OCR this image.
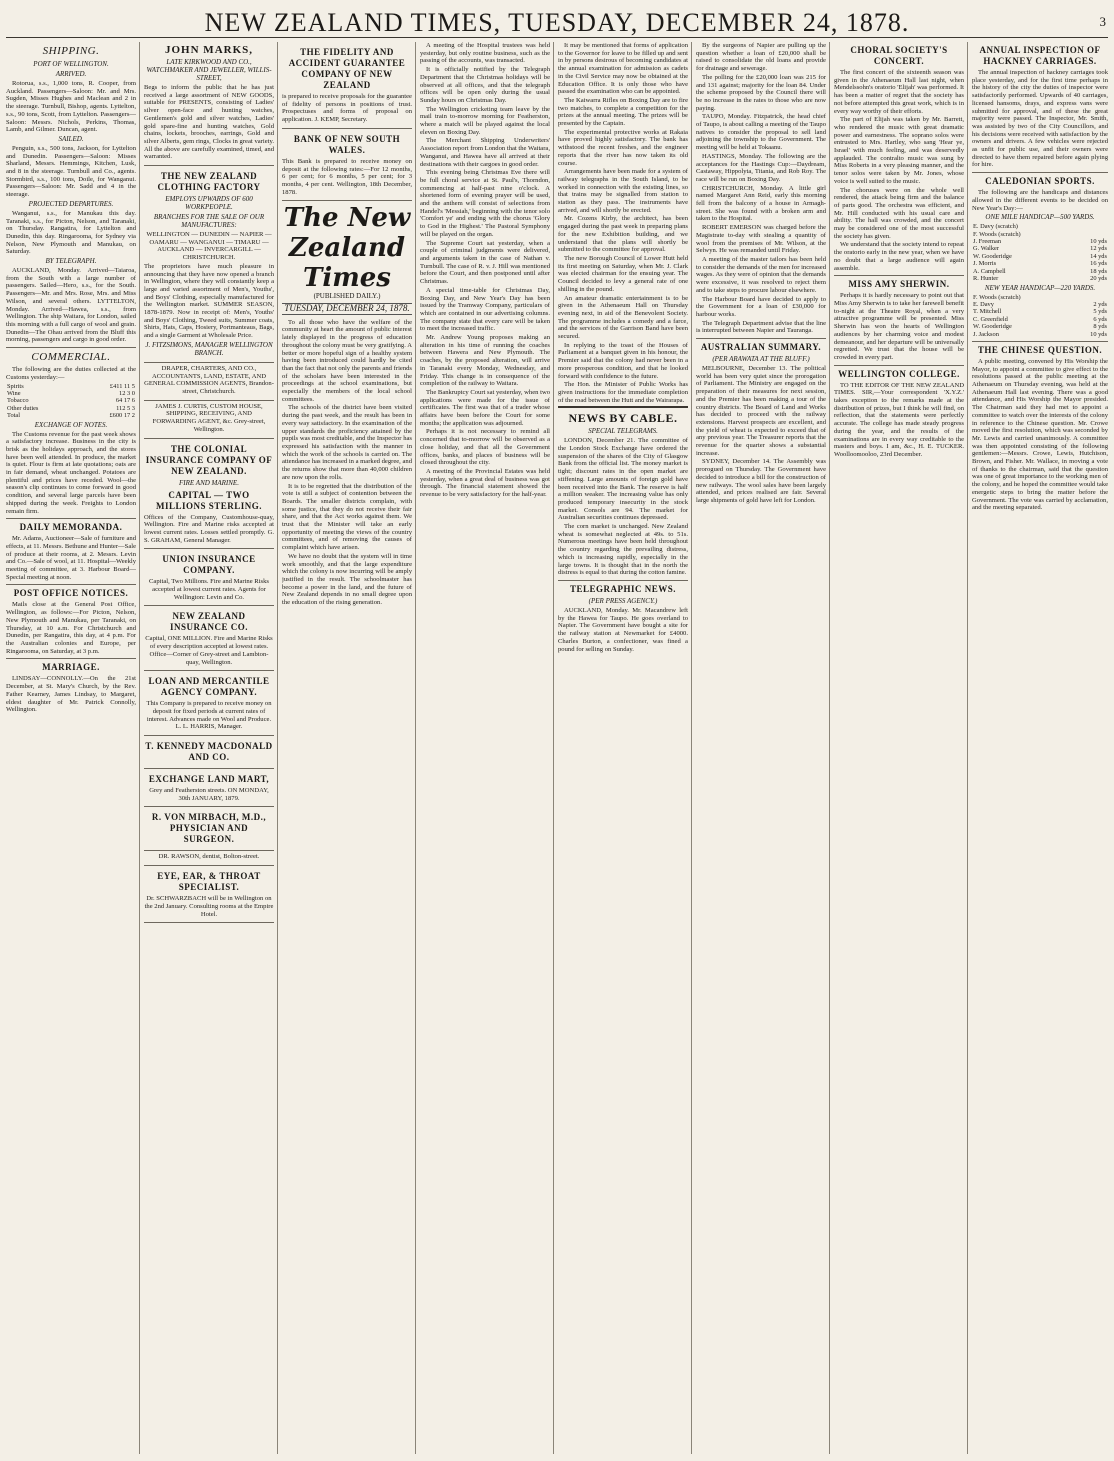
NEW ZEALAND TIMES, TUESDAY, DECEMBER 24, 1878.	3
SHIPPING.
PORT OF WELLINGTON.
ARRIVED.

Rotorua, s.s., 1,000 tons, R. Cooper, from Auckland. Passengers—Saloon: Mr. and Mrs. Sugden, Misses Hughes and Maclean and 2 in the steerage. Turnbull, Bishop, agents. Lyttelton, s.s., 90 tons, Scott, from Lyttelton. Passengers—Saloon: Messrs. Nichols, Perkins, Thomas, Lamb, and Gilmer. Duncan, agent.

SAILED.

Penguin, s.s., 500 tons, Jackson, for Lyttelton and Dunedin. Passengers—Saloon: Misses Sharland, Messrs. Hemmings, Kitchen, Lusk, and 8 in the steerage. Turnbull and Co., agents. Stormbird, s.s., 100 tons, Doile, for Wanganui. Passengers—Saloon: Mr. Sadd and 4 in the steerage.

PROJECTED DEPARTURES.

Wanganui, s.s., for Manukau this day. Taranaki, s.s., for Picton, Nelson, and Taranaki, on Thursday. Rangatira, for Lyttelton and Dunedin, this day. Ringarooma, for Sydney via Nelson, New Plymouth and Manukau, on Saturday.

BY TELEGRAPH.

AUCKLAND, Monday. Arrived—Taiaroa, from the South with a large number of passengers. Sailed—Hero, s.s., for the South. Passengers—Mr. and Mrs. Rose, Mrs. and Miss Wilson, and several others. LYTTELTON, Monday. Arrived—Hawea, s.s., from Wellington. The ship Waitara, for London, sailed this morning with a full cargo of wool and grain. Dunedin—The Ohau arrived from the Bluff this morning, passengers and cargo in good order.

COMMERCIAL.

The following are the duties collected at the Customs yesterday:—

Spirits	£411 11 5
Wine	12 3 0
Tobacco	64 17 6
Other duties	112 5 3
Total	£600 17 2
EXCHANGE OF NOTES.

The Customs revenue for the past week shows a satisfactory increase. Business in the city is brisk as the holidays approach, and the stores have been well attended. In produce, the market is quiet. Flour is firm at late quotations; oats are in fair demand, wheat unchanged. Potatoes are plentiful and prices have receded. Wool—the season's clip continues to come forward in good condition, and several large parcels have been shipped during the week. Freights to London remain firm.

DAILY MEMORANDA.

Mr. Adams, Auctioneer—Sale of furniture and effects, at 11. Messrs. Bethune and Hunter—Sale of produce at their rooms, at 2. Messrs. Levin and Co.—Sale of wool, at 11. Hospital—Weekly meeting of committee, at 3. Harbour Board—Special meeting at noon.

POST OFFICE NOTICES.

Mails close at the General Post Office, Wellington, as follows:—For Picton, Nelson, New Plymouth and Manukau, per Taranaki, on Thursday, at 10 a.m. For Christchurch and Dunedin, per Rangatira, this day, at 4 p.m. For the Australian colonies and Europe, per Ringarooma, on Saturday, at 3 p.m.

MARRIAGE.

LINDSAY—CONNOLLY.—On the 21st December, at St. Mary's Church, by the Rev. Father Kearney, James Lindsay, to Margaret, eldest daughter of Mr. Patrick Connolly, Wellington.

JOHN MARKS,
LATE KIRKWOOD AND CO., WATCHMAKER AND JEWELLER, WILLIS-STREET,

Begs to inform the public that he has just received a large assortment of NEW GOODS, suitable for PRESENTS, consisting of Ladies' silver open-face and hunting watches, Gentlemen's gold and silver watches, Ladies' gold spare-fine and hunting watches, Gold chains, lockets, brooches, earrings, Gold and silver Alberts, gem rings, Clocks in great variety. All the above are carefully examined, timed, and warranted.

THE NEW ZEALAND CLOTHING FACTORY
EMPLOYS UPWARDS OF 600 WORKPEOPLE.
BRANCHES FOR THE SALE OF OUR MANUFACTURES:

WELLINGTON — DUNEDIN — NAPIER — OAMARU — WANGANUI — TIMARU — AUCKLAND — INVERCARGILL — CHRISTCHURCH.

The proprietors have much pleasure in announcing that they have now opened a branch in Wellington, where they will constantly keep a large and varied assortment of Men's, Youths', and Boys' Clothing, especially manufactured for the Wellington market. SUMMER SEASON, 1878-1879. Now in receipt of: Men's, Youths' and Boys' Clothing, Tweed suits, Summer coats, Shirts, Hats, Caps, Hosiery, Portmanteaus, Bags, and a single Garment at Wholesale Price.

J. FITZSIMONS, MANAGER WELLINGTON BRANCH.

DRAPER, CHARTERS, AND CO., ACCOUNTANTS, LAND, ESTATE, AND GENERAL COMMISSION AGENTS, Brandon-street, Christchurch.

JAMES J. CURTIS, CUSTOM HOUSE, SHIPPING, RECEIVING, AND FORWARDING AGENT, &c. Grey-street, Wellington.

THE COLONIAL INSURANCE COMPANY OF NEW ZEALAND.
FIRE AND MARINE.
CAPITAL — TWO MILLIONS STERLING.

Offices of the Company, Customhouse-quay, Wellington. Fire and Marine risks accepted at lowest current rates. Losses settled promptly. G. S. GRAHAM, General Manager.

UNION INSURANCE COMPANY.

Capital, Two Millions. Fire and Marine Risks accepted at lowest current rates. Agents for Wellington: Levin and Co.

NEW ZEALAND INSURANCE CO.

Capital, ONE MILLION. Fire and Marine Risks of every description accepted at lowest rates. Office—Corner of Grey-street and Lambton-quay, Wellington.

LOAN AND MERCANTILE AGENCY COMPANY.

This Company is prepared to receive money on deposit for fixed periods at current rates of interest. Advances made on Wool and Produce. L. L. HARRIS, Manager.

T. KENNEDY MACDONALD AND CO.
EXCHANGE LAND MART,

Grey and Featherston streets. ON MONDAY, 30th JANUARY, 1879.

R. VON MIRBACH, M.D., PHYSICIAN AND SURGEON.

DR. RAWSON, dentist, Bolton-street.

EYE, EAR, & THROAT SPECIALIST.

Dr. SCHWARZBACH will be in Wellington on the 2nd January. Consulting rooms at the Empire Hotel.

THE FIDELITY AND ACCIDENT GUARANTEE COMPANY OF NEW ZEALAND

is prepared to receive proposals for the guarantee of fidelity of persons in positions of trust. Prospectuses and forms of proposal on application. J. KEMP, Secretary.

BANK OF NEW SOUTH WALES.

This Bank is prepared to receive money on deposit at the following rates:—For 12 months, 6 per cent; for 6 months, 5 per cent; for 3 months, 4 per cent. Wellington, 18th December, 1878.

The New Zealand Times
(PUBLISHED DAILY.)
TUESDAY, DECEMBER 24, 1878.

To all those who have the welfare of the community at heart the amount of public interest lately displayed in the progress of education throughout the colony must be very gratifying. A better or more hopeful sign of a healthy system having been introduced could hardly be cited than the fact that not only the parents and friends of the scholars have been interested in the proceedings at the school examinations, but especially the members of the local school committees.

The schools of the district have been visited during the past week, and the result has been in every way satisfactory. In the examination of the upper standards the proficiency attained by the pupils was most creditable, and the Inspector has expressed his satisfaction with the manner in which the work of the schools is carried on. The attendance has increased in a marked degree, and the returns show that more than 40,000 children are now upon the rolls.

It is to be regretted that the distribution of the vote is still a subject of contention between the Boards. The smaller districts complain, with some justice, that they do not receive their fair share, and that the Act works against them. We trust that the Minister will take an early opportunity of meeting the views of the country committees, and of removing the causes of complaint which have arisen.

We have no doubt that the system will in time work smoothly, and that the large expenditure which the colony is now incurring will be amply justified in the result. The schoolmaster has become a power in the land, and the future of New Zealand depends in no small degree upon the education of the rising generation.

A meeting of the Hospital trustees was held yesterday, but only routine business, such as the passing of the accounts, was transacted.

It is officially notified by the Telegraph Department that the Christmas holidays will be observed at all offices, and that the telegraph offices will be open only during the usual Sunday hours on Christmas Day.

The Wellington cricketing team leave by the mail train to-morrow morning for Featherston, where a match will be played against the local eleven on Boxing Day.

The Merchant Shipping Underwriters' Association report from London that the Waitara, Wanganui, and Hawea have all arrived at their destinations with their cargoes in good order.

This evening being Christmas Eve there will be full choral service at St. Paul's, Thorndon, commencing at half-past nine o'clock. A shortened form of evening prayer will be used, and the anthem will consist of selections from Handel's 'Messiah,' beginning with the tenor solo 'Comfort ye' and ending with the chorus 'Glory to God in the Highest.' The Pastoral Symphony will be played on the organ.

The Supreme Court sat yesterday, when a couple of criminal judgments were delivered, and arguments taken in the case of Nathan v. Turnbull. The case of R. v. J. Hill was mentioned before the Court, and then postponed until after Christmas.

A special time-table for Christmas Day, Boxing Day, and New Year's Day has been issued by the Tramway Company, particulars of which are contained in our advertising columns. The company state that every care will be taken to meet the increased traffic.

Mr. Andrew Young proposes making an alteration in his time of running the coaches between Hawera and New Plymouth. The coaches, by the proposed alteration, will arrive in Taranaki every Monday, Wednesday, and Friday. This change is in consequence of the completion of the railway to Waitara.

The Bankruptcy Court sat yesterday, when two applications were made for the issue of certificates. The first was that of a trader whose affairs have been before the Court for some months; the application was adjourned.

Perhaps it is not necessary to remind all concerned that to-morrow will be observed as a close holiday, and that all the Government offices, banks, and places of business will be closed throughout the city.

A meeting of the Provincial Estates was held yesterday, when a great deal of business was got through. The financial statement showed the revenue to be very satisfactory for the half-year.

It may be mentioned that forms of application to the Governor for leave to be filled up and sent in by persons desirous of becoming candidates at the annual examination for admission as cadets in the Civil Service may now be obtained at the Education Office. It is only those who have passed the examination who can be appointed.

The Kaiwarra Rifles on Boxing Day are to fire two matches, to complete a competition for the prizes at the annual meeting. The prizes will be presented by the Captain.

The experimental protective works at Rakaia have proved highly satisfactory. The bank has withstood the recent freshes, and the engineer reports that the river has now taken its old course.

Arrangements have been made for a system of railway telegraphs in the South Island, to be worked in connection with the existing lines, so that trains may be signalled from station to station as they pass. The instruments have arrived, and will shortly be erected.

Mr. Cozens Kirby, the architect, has been engaged during the past week in preparing plans for the new Exhibition building, and we understand that the plans will shortly be submitted to the committee for approval.

The new Borough Council of Lower Hutt held its first meeting on Saturday, when Mr. J. Clark was elected chairman for the ensuing year. The Council decided to levy a general rate of one shilling in the pound.

An amateur dramatic entertainment is to be given in the Athenaeum Hall on Thursday evening next, in aid of the Benevolent Society. The programme includes a comedy and a farce, and the services of the Garrison Band have been secured.

In replying to the toast of the Houses of Parliament at a banquet given in his honour, the Premier said that the colony had never been in a more prosperous condition, and that he looked forward with confidence to the future.

The Hon. the Minister of Public Works has given instructions for the immediate completion of the road between the Hutt and the Wairarapa.

NEWS BY CABLE.
SPECIAL TELEGRAMS.

LONDON, December 21. The committee of the London Stock Exchange have ordered the suspension of the shares of the City of Glasgow Bank from the official list. The money market is tight; discount rates in the open market are stiffening. Large amounts of foreign gold have been received into the Bank. The reserve is half a million weaker. The increasing value has only produced temporary insecurity in the stock market. Consols are 94. The market for Australian securities continues depressed.

The corn market is unchanged. New Zealand wheat is somewhat neglected at 49s. to 51s. Numerous meetings have been held throughout the country regarding the prevailing distress, which is increasing rapidly, especially in the large towns. It is thought that in the north the distress is equal to that during the cotton famine.

TELEGRAPHIC NEWS.
(PER PRESS AGENCY.)

AUCKLAND, Monday. Mr. Macandrew left by the Hawea for Taupo. He goes overland to Napier. The Government have bought a site for the railway station at Newmarket for £4000. Charles Burton, a confectioner, was fined a pound for selling on Sunday.

By the surgeons of Napier are pulling up the question whether a loan of £20,000 shall be raised to consolidate the old loans and provide for drainage and sewerage.

The polling for the £20,000 loan was 215 for and 131 against; majority for the loan 84. Under the scheme proposed by the Council there will be no increase in the rates to those who are now paying.

TAUPO, Monday. Fitzpatrick, the head chief of Taupo, is about calling a meeting of the Taupo natives to consider the proposal to sell land adjoining the township to the Government. The meeting will be held at Tokaanu.

HASTINGS, Monday. The following are the acceptances for the Hastings Cup:—Daydream, Castaway, Hippolyta, Titania, and Rob Roy. The race will be run on Boxing Day.

CHRISTCHURCH, Monday. A little girl named Margaret Ann Reid, early this morning fell from the balcony of a house in Armagh-street. She was found with a broken arm and taken to the Hospital.

ROBERT EMERSON was charged before the Magistrate to-day with stealing a quantity of wool from the premises of Mr. Wilson, at the Selwyn. He was remanded until Friday.

A meeting of the master tailors has been held to consider the demands of the men for increased wages. As they were of opinion that the demands were excessive, it was resolved to reject them and to take steps to procure labour elsewhere.

The Harbour Board have decided to apply to the Government for a loan of £30,000 for harbour works.

The Telegraph Department advise that the line is interrupted between Napier and Tauranga.

AUSTRALIAN SUMMARY.
(PER ARAWATA AT THE BLUFF.)

MELBOURNE, December 13. The political world has been very quiet since the prorogation of Parliament. The Ministry are engaged on the preparation of their measures for next session, and the Premier has been making a tour of the country districts. The Board of Land and Works has decided to proceed with the railway extensions. Harvest prospects are excellent, and the yield of wheat is expected to exceed that of any previous year. The Treasurer reports that the revenue for the quarter shows a substantial increase.

SYDNEY, December 14. The Assembly was prorogued on Thursday. The Government have decided to introduce a bill for the construction of new railways. The wool sales have been largely attended, and prices realised are fair. Several large shipments of gold have left for London.

CHORAL SOCIETY'S CONCERT.

The first concert of the sixteenth season was given in the Athenaeum Hall last night, when Mendelssohn's oratorio 'Elijah' was performed. It has been a matter of regret that the society has not before attempted this great work, which is in every way worthy of their efforts.

The part of Elijah was taken by Mr. Barrett, who rendered the music with great dramatic power and earnestness. The soprano solos were entrusted to Mrs. Hartley, who sang 'Hear ye, Israel' with much feeling, and was deservedly applauded. The contralto music was sung by Miss Roberts in a very pleasing manner, and the tenor solos were taken by Mr. Jones, whose voice is well suited to the music.

The choruses were on the whole well rendered, the attack being firm and the balance of parts good. The orchestra was efficient, and Mr. Hill conducted with his usual care and ability. The hall was crowded, and the concert may be considered one of the most successful the society has given.

We understand that the society intend to repeat the oratorio early in the new year, when we have no doubt that a large audience will again assemble.

MISS AMY SHERWIN.

Perhaps it is hardly necessary to point out that Miss Amy Sherwin is to take her farewell benefit to-night at the Theatre Royal, when a very attractive programme will be presented. Miss Sherwin has won the hearts of Wellington audiences by her charming voice and modest demeanour, and her departure will be universally regretted. We trust that the house will be crowded in every part.

WELLINGTON COLLEGE.

TO THE EDITOR OF THE NEW ZEALAND TIMES. SIR,—Your correspondent 'X.Y.Z.' takes exception to the remarks made at the distribution of prizes, but I think he will find, on reflection, that the statements were perfectly accurate. The college has made steady progress during the year, and the results of the examinations are in every way creditable to the masters and boys. I am, &c., H. E. TUCKER. Woolloomooloo, 23rd December.

ANNUAL INSPECTION OF HACKNEY CARRIAGES.

The annual inspection of hackney carriages took place yesterday, and for the first time perhaps in the history of the city the duties of inspector were satisfactorily performed. Upwards of 40 carriages, licensed hansoms, drays, and express vans were submitted for approval, and of these the great majority were passed. The Inspector, Mr. Smith, was assisted by two of the City Councillors, and his decisions were received with satisfaction by the owners and drivers. A few vehicles were rejected as unfit for public use, and their owners were directed to have them repaired before again plying for hire.

CALEDONIAN SPORTS.

The following are the handicaps and distances allowed in the different events to be decided on New Year's Day:—

ONE MILE HANDICAP—500 YARDS.
E. Davy (scratch)	
F. Woods (scratch)	
J. Freeman	10 yds
G. Walker	12 yds
W. Gooderidge	14 yds
J. Morris	16 yds
A. Campbell	18 yds
R. Hunter	20 yds
NEW YEAR HANDICAP—220 YARDS.
F. Woods (scratch)	
E. Davy	2 yds
T. Mitchell	5 yds
C. Greenfield	6 yds
W. Gooderidge	8 yds
J. Jackson	10 yds
THE CHINESE QUESTION.

A public meeting, convened by His Worship the Mayor, to appoint a committee to give effect to the resolutions passed at the public meeting at the Athenaeum on Thursday evening, was held at the Athenaeum Hall last evening. There was a good attendance, and His Worship the Mayor presided. The Chairman said they had met to appoint a committee to watch over the interests of the colony in reference to the Chinese question. Mr. Crowe moved the first resolution, which was seconded by Mr. Lewis and carried unanimously. A committee was then appointed consisting of the following gentlemen:—Messrs. Crowe, Lewis, Hutchison, Brown, and Fisher. Mr. Wallace, in moving a vote of thanks to the chairman, said that the question was one of great importance to the working men of the colony, and he hoped the committee would take energetic steps to bring the matter before the Government. The vote was carried by acclamation, and the meeting separated.
